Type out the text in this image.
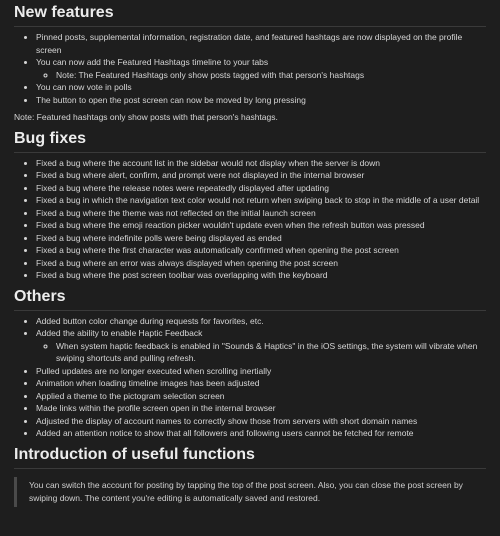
New features
• Pinned posts, supplemental information, registration date, and featured hashtags are now displayed on the profile screen
• You can now add the Featured Hashtags timeline to your tabs
◦ Note: The Featured Hashtags only show posts tagged with that person's hashtags
• You can now vote in polls
• The button to open the post screen can now be moved by long pressing

Note: Featured hashtags only show posts with that person's hashtags.

Bug fixes
• Fixed a bug where the account list in the sidebar would not display when the server is down
• Fixed a bug where alert, confirm, and prompt were not displayed in the internal browser
• Fixed a bug where the release notes were repeatedly displayed after updating
• Fixed a bug in which the navigation text color would not return when swiping back to stop in the middle of a user detail
• Fixed a bug where the theme was not reflected on the initial launch screen
• Fixed a bug where the emoji reaction picker wouldn't update even when the refresh button was pressed
• Fixed a bug where indefinite polls were being displayed as ended
• Fixed a bug where the first character was automatically confirmed when opening the post screen
• Fixed a bug where an error was always displayed when opening the post screen
• Fixed a bug where the post screen toolbar was overlapping with the keyboard
Others
• Added button color change during requests for favorites, etc.
• Added the ability to enable Haptic Feedback
◦ When system haptic feedback is enabled in "Sounds & Haptics" in the iOS settings, the system will vibrate when swiping shortcuts and pulling refresh.
• Pulled updates are no longer executed when scrolling inertially
• Animation when loading timeline images has been adjusted
• Applied a theme to the pictogram selection screen
• Made links within the profile screen open in the internal browser
• Adjusted the display of account names to correctly show those from servers with short domain names
• Added an attention notice to show that all followers and following users cannot be fetched for remote
Introduction of useful functions
You can switch the account for posting by tapping the top of the post screen. Also, you can close the post screen by swiping down. The content you're editing is automatically saved and restored.
